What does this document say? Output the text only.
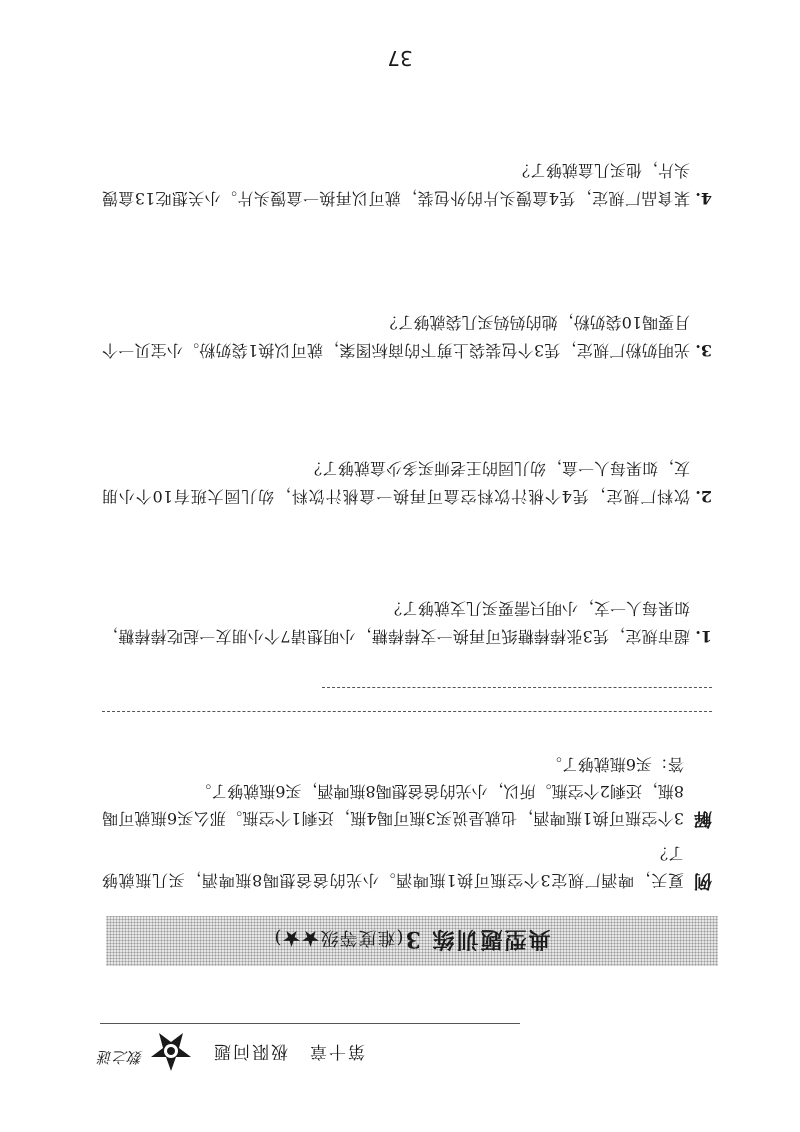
第十章极限问题
数之谜
典型题训练 3(难度等级★★)
例
夏天，啤酒厂规定3个空瓶可换1瓶啤酒。小光的爸爸想喝8瓶啤酒，买几瓶就够了？
解
3个空瓶可换1瓶啤酒，也就是说买3瓶可喝4瓶，还剩1个空瓶。那么买6瓶就可喝8瓶，还剩2个空瓶。所以，小光的爸爸想喝8瓶啤酒，买6瓶就够了。
答：买6瓶就够了。
1.
超市规定，凭3张棒棒糖纸可再换一支棒棒糖，小明想请7个小朋友一起吃棒棒糖，如果每人一支，小明只需要买几支就够了？
2.
饮料厂规定，凭4个桃汁饮料空盒可再换一盒桃汁饮料，幼儿园大班有10个小朋友，如果每人一盒，幼儿园的王老师买多少盒就够了？
3.
光明奶粉厂规定，凭3个包装袋上剪下的商标图案，就可以换1袋奶粉。小宝贝一个月要喝10袋奶粉，她的妈妈买几袋就够了？
4.
某食品厂规定，凭4盒馒头片的外包装，就可以再换一盒馒头片。小关想吃13盒馒头片，他买几盒就够了？
37
